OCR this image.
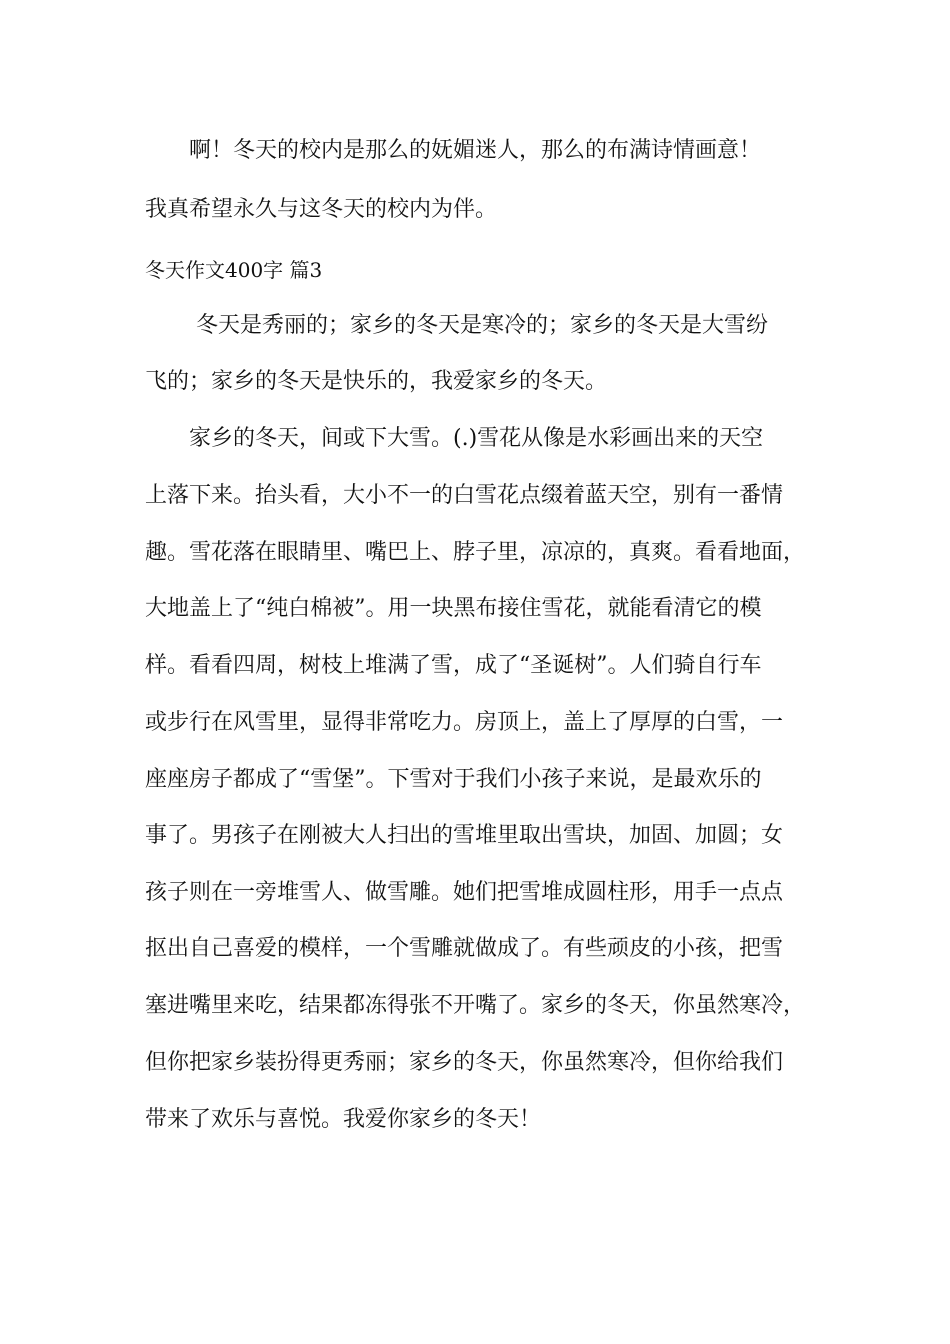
　　啊！冬天的校内是那么的妩媚迷人，那么的布满诗情画意！
我真希望永久与这冬天的校内为伴。
冬天作文400字 篇3
　　 冬天是秀丽的；家乡的冬天是寒冷的；家乡的冬天是大雪纷
飞的；家乡的冬天是快乐的，我爱家乡的冬天。
　　家乡的冬天，间或下大雪。(.)雪花从像是水彩画出来的天空
上落下来。抬头看，大小不一的白雪花点缀着蓝天空，别有一番情
趣。雪花落在眼睛里、嘴巴上、脖子里，凉凉的，真爽。看看地面，
大地盖上了“纯白棉被”。用一块黑布接住雪花，就能看清它的模
样。看看四周，树枝上堆满了雪，成了“圣诞树”。人们骑自行车
或步行在风雪里，显得非常吃力。房顶上，盖上了厚厚的白雪，一
座座房子都成了“雪堡”。下雪对于我们小孩子来说，是最欢乐的
事了。男孩子在刚被大人扫出的雪堆里取出雪块，加固、加圆；女
孩子则在一旁堆雪人、做雪雕。她们把雪堆成圆柱形，用手一点点
抠出自己喜爱的模样，一个雪雕就做成了。有些顽皮的小孩，把雪
塞进嘴里来吃，结果都冻得张不开嘴了。家乡的冬天，你虽然寒冷，
但你把家乡装扮得更秀丽；家乡的冬天，你虽然寒冷，但你给我们
带来了欢乐与喜悦。我爱你家乡的冬天！
